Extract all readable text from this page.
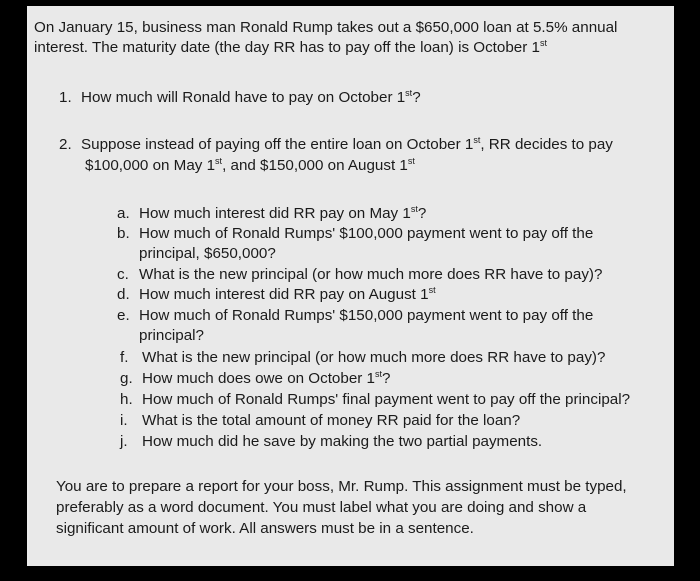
On January 15, business man Ronald Rump takes out a $650,000 loan at 5.5% annual
interest. The maturity date (the day RR has to pay off the loan) is October 1st
1. How much will Ronald have to pay on October 1st?
2. Suppose instead of paying off the entire loan on October 1st, RR decides to pay
$100,000 on May 1st, and $150,000 on August 1st
a. How much interest did RR pay on May 1st?
b. How much of Ronald Rumps' $100,000 payment went to pay off the
principal, $650,000?
c. What is the new principal (or how much more does RR have to pay)?
d. How much interest did RR pay on August 1st
e. How much of Ronald Rumps' $150,000 payment went to pay off the
principal?
f. What is the new principal (or how much more does RR have to pay)?
g. How much does owe on October 1st?
h. How much of Ronald Rumps' final payment went to pay off the principal?
i. What is the total amount of money RR paid for the loan?
j. How much did he save by making the two partial payments.
You are to prepare a report for your boss, Mr. Rump. This assignment must be typed,
preferably as a word document. You must label what you are doing and show a
significant amount of work. All answers must be in a sentence.
